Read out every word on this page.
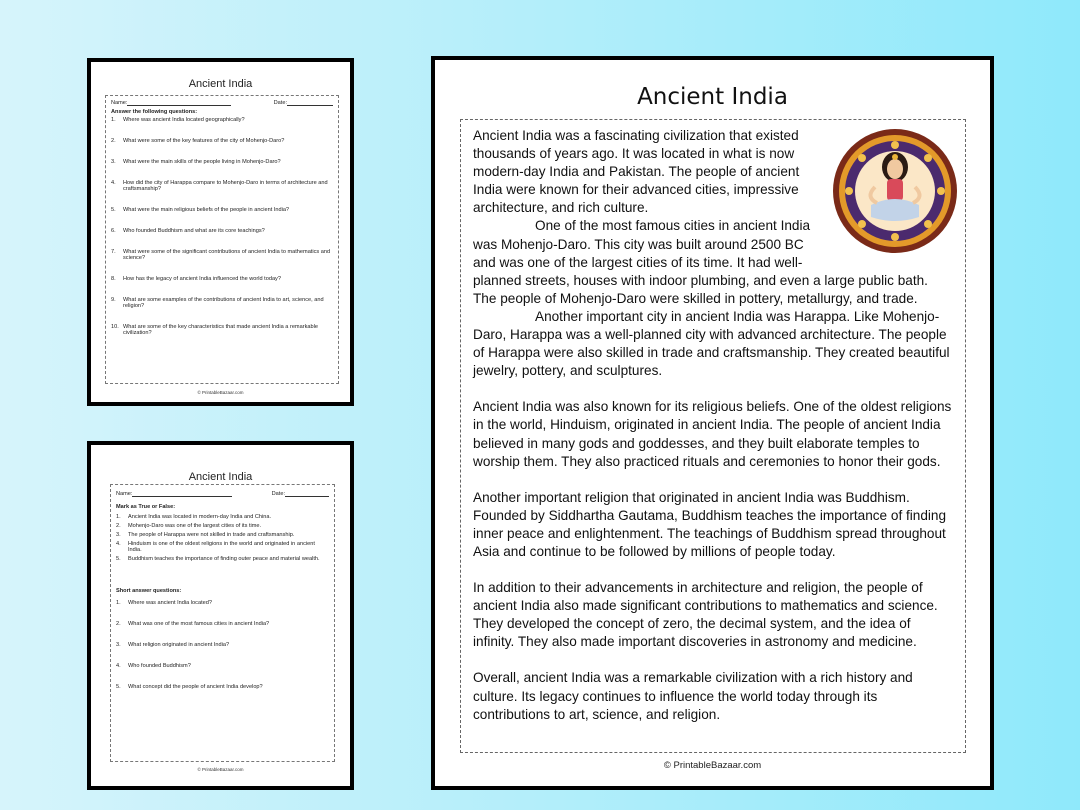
Ancient India
Name:	Date:
Answer the following questions:
1.	Where was ancient India located geographically?
2.	What were some of the key features of the city of Mohenjo-Daro?
3.	What were the main skills of the people living in Mohenjo-Daro?
4.	How did the city of Harappa compare to Mohenjo-Daro in terms of architecture and craftsmanship?
5.	What were the main religious beliefs of the people in ancient India?
6.	Who founded Buddhism and what are its core teachings?
7.	What were some of the significant contributions of ancient India to mathematics and science?
8.	How has the legacy of ancient India influenced the world today?
9.	What are some examples of the contributions of ancient India to art, science, and religion?
10. What are some of the key characteristics that made ancient India a remarkable civilization?
© PrintableBazaar.com
Ancient India
Name:	Date:
Mark as True or False:
1.	Ancient India was located in modern-day India and China.
2.	Mohenjo-Daro was one of the largest cities of its time.
3.	The people of Harappa were not skilled in trade and craftsmanship.
4.	Hinduism is one of the oldest religions in the world and originated in ancient India.
5.	Buddhism teaches the importance of finding outer peace and material wealth.
Short answer questions:
1.	Where was ancient India located?
2.	What was one of the most famous cities in ancient India?
3.	What religion originated in ancient India?
4.	Who founded Buddhism?
5.	What concept did the people of ancient India develop?
© PrintableBazaar.com
Ancient India

Ancient India was a fascinating civilization that existed thousands of years ago. It was located in what is now modern-day India and Pakistan. The people of ancient India were known for their advanced cities, impressive architecture, and rich culture.

One of the most famous cities in ancient India was Mohenjo-Daro. This city was built around 2500 BC and was one of the largest cities of its time. It had well-planned streets, houses with indoor plumbing, and even a large public bath. The people of Mohenjo-Daro were skilled in pottery, metallurgy, and trade.

Another important city in ancient India was Harappa. Like Mohenjo-Daro, Harappa was a well-planned city with advanced architecture. The people of Harappa were also skilled in trade and craftsmanship. They created beautiful jewelry, pottery, and sculptures.

Ancient India was also known for its religious beliefs. One of the oldest religions in the world, Hinduism, originated in ancient India. The people of ancient India believed in many gods and goddesses, and they built elaborate temples to worship them. They also practiced rituals and ceremonies to honor their gods.

Another important religion that originated in ancient India was Buddhism. Founded by Siddhartha Gautama, Buddhism teaches the importance of finding inner peace and enlightenment. The teachings of Buddhism spread throughout Asia and continue to be followed by millions of people today.

In addition to their advancements in architecture and religion, the people of ancient India also made significant contributions to mathematics and science. They developed the concept of zero, the decimal system, and the idea of infinity. They also made important discoveries in astronomy and medicine.

Overall, ancient India was a remarkable civilization with a rich history and culture. Its legacy continues to influence the world today through its contributions to art, science, and religion.

© PrintableBazaar.com
